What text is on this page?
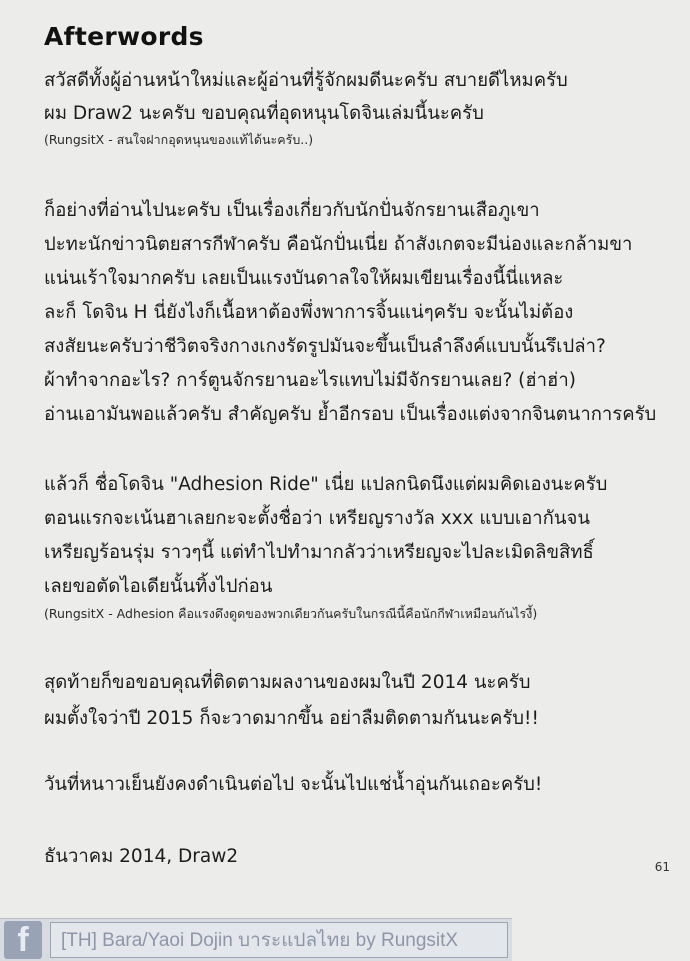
Afterwords
สวัสดีทั้งผู้อ่านหน้าใหม่และผู้อ่านที่รู้จักผมดีนะครับ สบายดีไหมครับ
ผม Draw2 นะครับ ขอบคุณที่อุดหนุนโดจินเล่มนี้นะครับ
(RungsitX - สนใจฝากอุดหนุนของแท้ได้นะครับ..)
ก็อย่างที่อ่านไปนะครับ เป็นเรื่องเกี่ยวกับนักปั่นจักรยานเสือภูเขา
ปะทะนักข่าวนิตยสารกีฬาครับ คือนักปั่นเนี่ย ถ้าสังเกตจะมีน่องและกล้ามขา
แน่นเร้าใจมากครับ เลยเป็นแรงบันดาลใจให้ผมเขียนเรื่องนี้นี่แหละ
ละก็ โดจิน H นี่ยังไงก็เนื้อหาต้องพึ่งพาการจิ้นแน่ๆครับ จะนั้นไม่ต้อง
สงสัยนะครับว่าชีวิตจริงกางเกงรัดรูปมันจะขึ้นเป็นลำลึงค์แบบนั้นรึเปล่า?
ผ้าทำจากอะไร? การ์ตูนจักรยานอะไรแทบไม่มีจักรยานเลย? (ฮ่าฮ่า)
อ่านเอามันพอแล้วครับ สำคัญครับ ย้ำอีกรอบ เป็นเรื่องแต่งจากจินตนาการครับ
แล้วก็ ชื่อโดจิน "Adhesion Ride" เนี่ย แปลกนิดนึงแต่ผมคิดเองนะครับ
ตอนแรกจะเน้นฮาเลยกะจะตั้งชื่อว่า เหรียญรางวัล xxx แบบเอากันจน
เหรียญร้อนรุ่ม ราวๆนี้ แต่ทำไปทำมากลัวว่าเหรียญจะไปละเมิดลิขสิทธิ์
เลยขอตัดไอเดียนั้นทิ้งไปก่อน
(RungsitX - Adhesion คือแรงดึงดูดของพวกเดียวกันครับในกรณีนี้คือนักกีฬาเหมือนกันไรงี้)
สุดท้ายก็ขอขอบคุณที่ติดตามผลงานของผมในปี 2014 นะครับ
ผมตั้งใจว่าปี 2015 ก็จะวาดมากขึ้น อย่าลืมติดตามกันนะครับ!!
วันที่หนาวเย็นยังคงดำเนินต่อไป จะนั้นไปแช่น้ำอุ่นกันเถอะครับ!
ธันวาคม 2014, Draw2	61
f	[TH] Bara/Yaoi Dojin บาระแปลไทย by RungsitX
